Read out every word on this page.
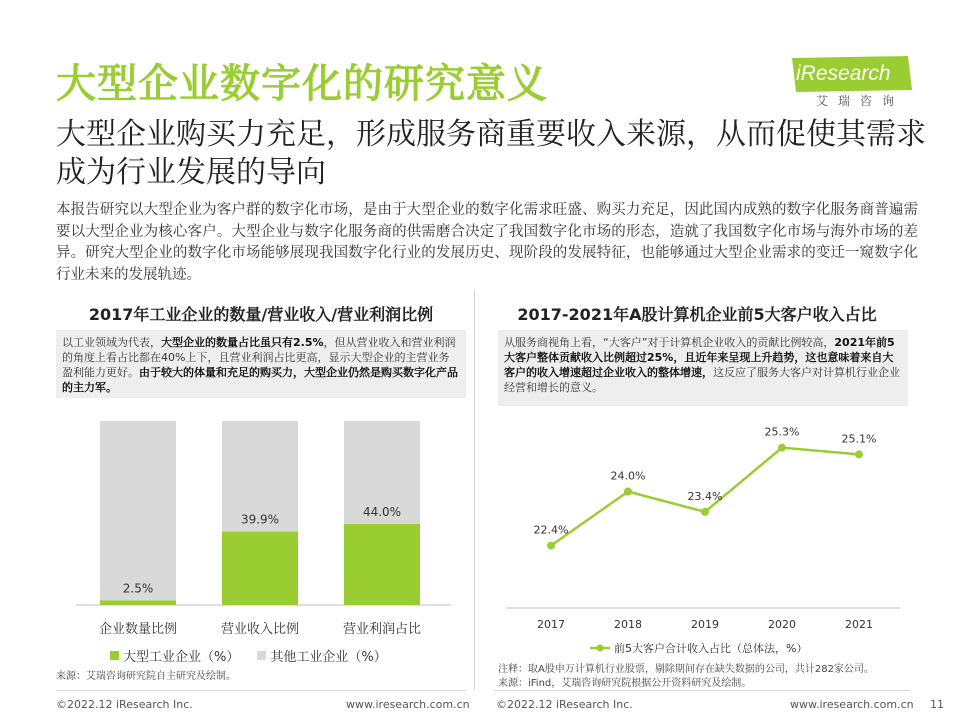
大型企业数字化的研究意义	iResearch
艾瑞咨询
大型企业购买力充足，形成服务商重要收入来源，从而促使其需求成为行业发展的导向
本报告研究以大型企业为客户群的数字化市场，是由于大型企业的数字化需求旺盛、购买力充足，因此国内成熟的数字化服务商普遍需要以大型企业为核心客户。大型企业与数字化服务商的供需磨合决定了我国数字化市场的形态，造就了我国数字化市场与海外市场的差异。研究大型企业的数字化市场能够展现我国数字化行业的发展历史、现阶段的发展特征，也能够通过大型企业需求的变迁一窥数字化行业未来的发展轨迹。
2017年工业企业的数量/营业收入/营业利润比例
以工业领域为代表，大型企业的数量占比虽只有2.5%，但从营业收入和营业利润的角度上看占比都在40%上下，且营业利润占比更高，显示大型企业的主营业务盈利能力更好。由于较大的体量和充足的购买力，大型企业仍然是购买数字化产品的主力军。
2.5%
企业数量比例
39.9%
营业收入比例
44.0%
营业利润占比
大型工业企业（%） 其他工业企业（%）
来源：艾瑞咨询研究院自主研究及绘制。
2017-2021年A股计算机企业前5大客户收入占比
从服务商视角上看，“大客户”对于计算机企业收入的贡献比例较高，2021年前5大客户整体贡献收入比例超过25%，且近年来呈现上升趋势，这也意味着来自大客户的收入增速超过企业收入的整体增速，这反应了服务大客户对计算机行业企业经营和增长的意义。
22.4%
2017
24.0%
2018
23.4%
2019
25.3%
2020
25.1%
2021
前5大客户合计收入占比（总体法，%）
注释：取A股申万计算机行业股票，剔除期间存在缺失数据的公司，共计282家公司。
来源：iFind，艾瑞咨询研究院根据公开资料研究及绘制。
©2022.12 iResearch Inc.	www.iresearch.com.cn ©2022.12 iResearch Inc.	www.iresearch.com.cn 11
